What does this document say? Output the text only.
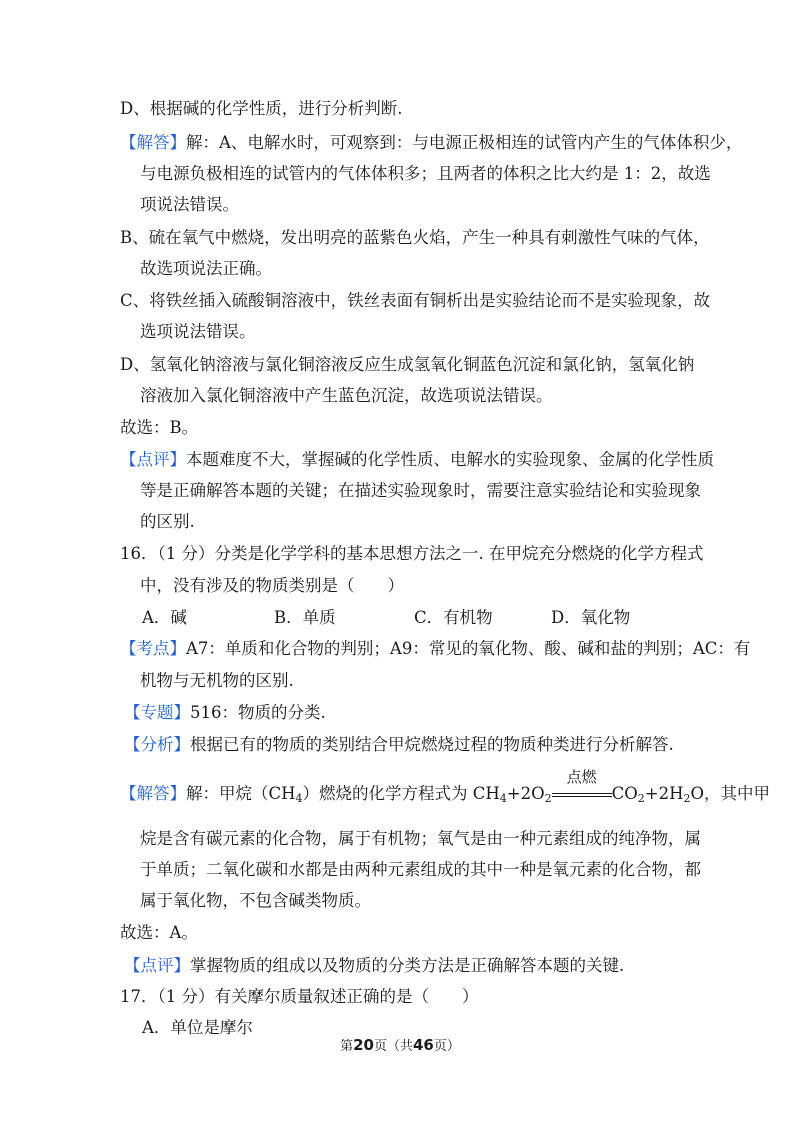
D、根据碱的化学性质，进行分析判断.
【解答】解：A、电解水时，可观察到：与电源正极相连的试管内产生的气体体积少，
与电源负极相连的试管内的气体体积多；且两者的体积之比大约是 1：2，故选
项说法错误。
B、硫在氧气中燃烧，发出明亮的蓝紫色火焰，产生一种具有刺激性气味的气体，
故选项说法正确。
C、将铁丝插入硫酸铜溶液中，铁丝表面有铜析出是实验结论而不是实验现象，故
选项说法错误。
D、氢氧化钠溶液与氯化铜溶液反应生成氢氧化铜蓝色沉淀和氯化钠，氢氧化钠
溶液加入氯化铜溶液中产生蓝色沉淀，故选项说法错误。
故选：B。
【点评】本题难度不大，掌握碱的化学性质、电解水的实验现象、金属的化学性质
等是正确解答本题的关键；在描述实验现象时，需要注意实验结论和实验现象
的区别.
16．（1 分）分类是化学学科的基本思想方法之一. 在甲烷充分燃烧的化学方程式
中，没有涉及的物质类别是（　　）
A．碱	B．单质	C．有机物	D．氧化物
【考点】A7：单质和化合物的判别；A9：常见的氧化物、酸、碱和盐的判别；AC：有
机物与无机物的区别.
【专题】516：物质的分类.
【分析】根据已有的物质的类别结合甲烷燃烧过程的物质种类进行分析解答.
【解答】解：甲烷$(CH_4)$燃烧的化学方程式为 $CH_4+2O_2$
点燃
$CO_2+2H_2O$，其中甲
烷是含有碳元素的化合物，属于有机物；氧气是由一种元素组成的纯净物，属
于单质；二氧化碳和水都是由两种元素组成的其中一种是氧元素的化合物，都
属于氧化物，不包含碱类物质。
故选：A。
【点评】掌握物质的组成以及物质的分类方法是正确解答本题的关键.
17．（1 分）有关摩尔质量叙述正确的是（　　）
A．单位是摩尔
第20页（共46页）
